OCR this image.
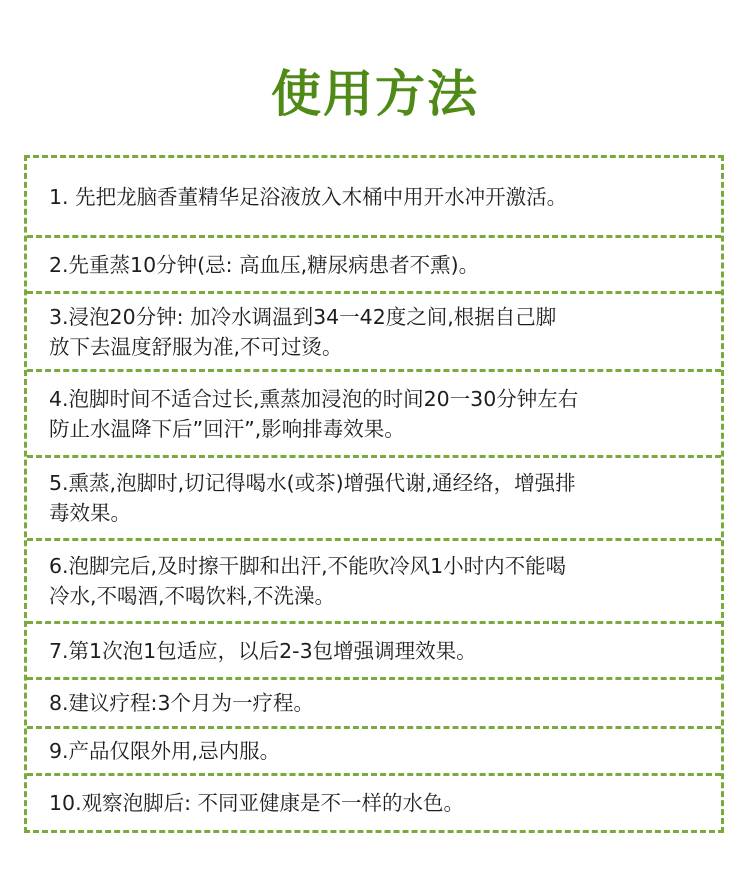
使用方法
1. 先把龙脑香董精华足浴液放入木桶中用开水冲开激活。
2.先重蒸10分钟(忌: 高血压,糖尿病患者不熏)。
3.浸泡20分钟: 加冷水调温到34一42度之间,根据自己脚
放下去温度舒服为准,不可过烫。
4.泡脚时间不适合过长,熏蒸加浸泡的时间20一30分钟左右
防止水温降下后”回汗”,影响排毒效果。
5.熏蒸,泡脚时,切记得喝水(或茶)增强代谢,通经络，增强排
毒效果。
6.泡脚完后,及时擦干脚和出汗,不能吹冷风1小时内不能喝
冷水,不喝酒,不喝饮料,不洗澡。
7.第1次泡1包适应，以后2-3包增强调理效果。
8.建议疗程:3个月为一疗程。
9.产品仅限外用,忌内服。
10.观察泡脚后: 不同亚健康是不一样的水色。
